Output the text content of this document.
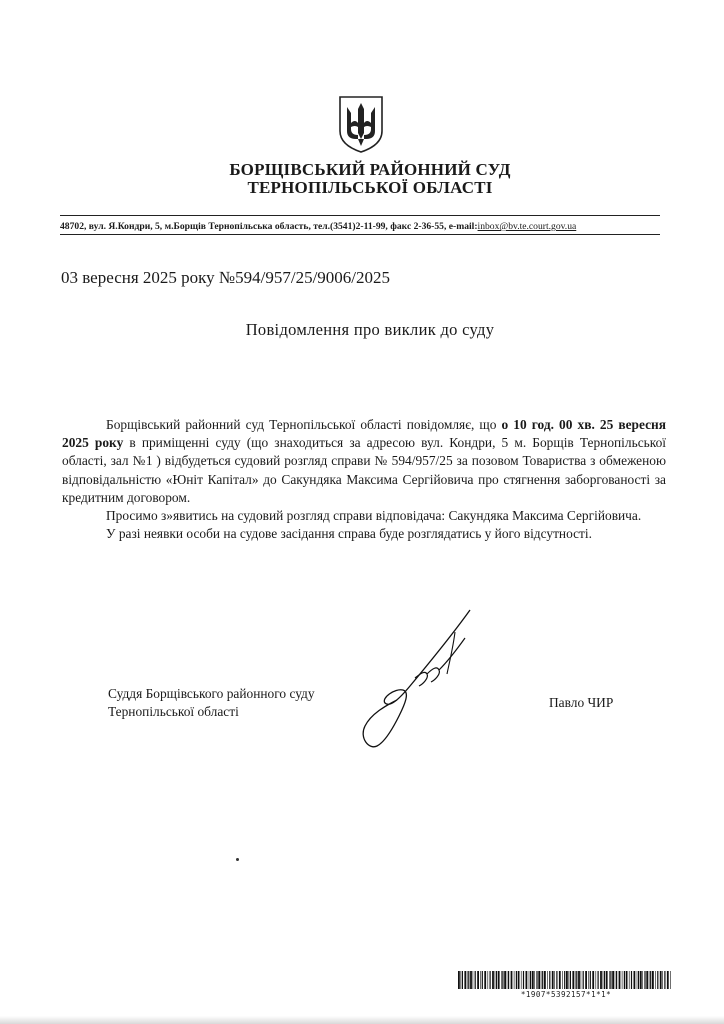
БОРЩІВСЬКИЙ РАЙОННИЙ СУД
ТЕРНОПІЛЬСЬКОЇ ОБЛАСТІ
48702, вул. Я.Кондри, 5, м.Борщів Тернопільська область, тел.(3541)2-11-99, факс 2-36-55, e-mail:inbox@bv.te.court.gov.ua
03 вересня 2025 року №594/957/25/9006/2025
Повідомлення про виклик до суду

Борщівський районний суд Тернопільської області повідомляє, що о 10 год. 00 хв. 25 вересня 2025 року в приміщенні суду (що знаходиться за адресою вул. Кондри, 5 м. Борщів Тернопільської області, зал №1 ) відбудеться судовий розгляд справи № 594/957/25 за позовом Товариства з обмеженою відповідальністю «Юніт Капітал» до Сакундяка Максима Сергійовича про стягнення заборгованості за кредитним договором.

Просимо з»явитись на судовий розгляд справи відповідача: Сакундяка Максима Сергійовича.

У разі неявки особи на судове засідання справа буде розглядатись у його відсутності.

Суддя Борщівського районного суду
Тернопільської області
Павло ЧИР
*1907*5392157*1*1*
